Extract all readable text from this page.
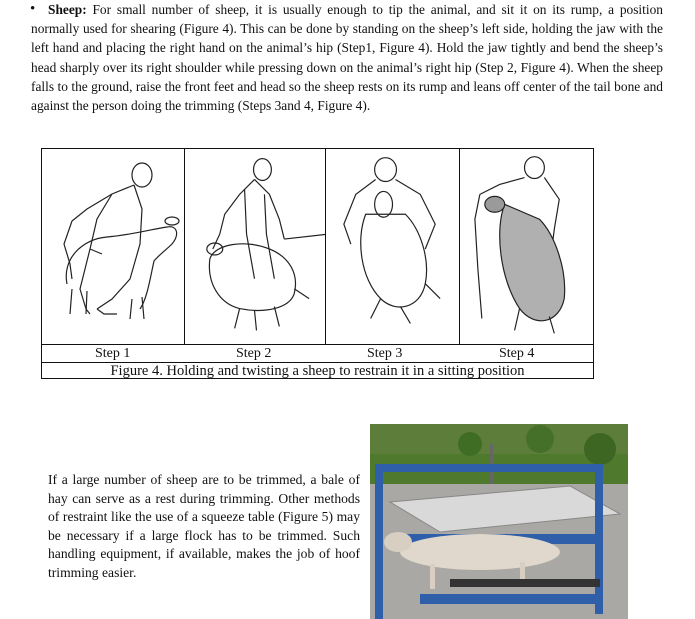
• Sheep: For small number of sheep, it is usually enough to tip the animal, and sit it on its rump, a position normally used for shearing (Figure 4). This can be done by standing on the sheep’s left side, holding the jaw with the left hand and placing the right hand on the animal’s hip (Step1, Figure 4). Hold the jaw tightly and bend the sheep’s head sharply over its right shoulder while pressing down on the animal’s right hip (Step 2, Figure 4). When the sheep falls to the ground, raise the front feet and head so the sheep rests on its rump and leans off center of the tail bone and against the person doing the trimming (Steps 3and 4, Figure 4).
Step 1	Step 2	Step 3	Step 4
Figure 4. Holding and twisting a sheep to restrain it in a sitting position
If a large number of sheep are to be trimmed, a bale of hay can serve as a rest during trimming. Other methods of restraint like the use of a squeeze table (Figure 5) may be necessary if a large flock has to be trimmed. Such handling equipment, if available, makes the job of hoof trimming easier.
